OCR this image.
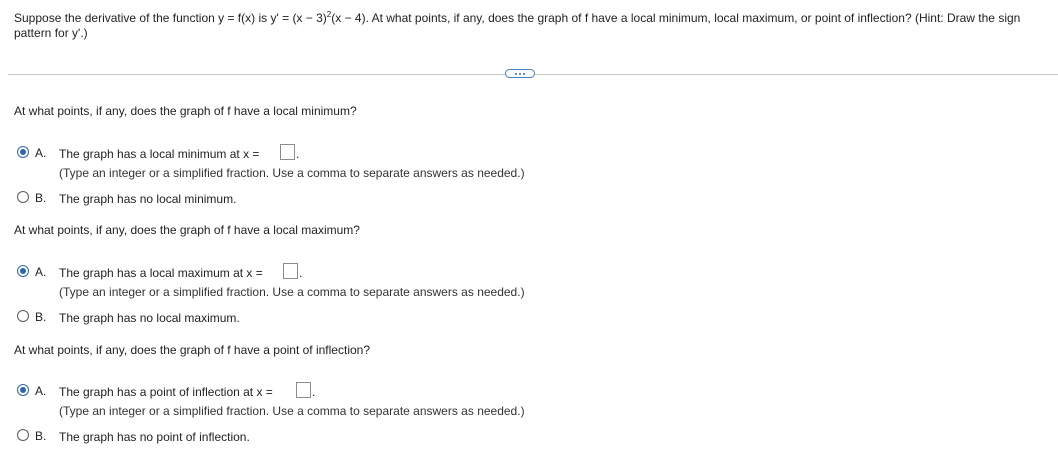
Suppose the derivative of the function y = f(x) is $y' = (x - 3)^2(x - 4)$. At what points, if any, does the graph of f have a local minimum, local maximum, or point of inflection? (Hint: Draw the sign pattern for y'.)
At what points, if any, does the graph of f have a local minimum?
A. The graph has a local minimum at x =	.
(Type an integer or a simplified fraction. Use a comma to separate answers as needed.)
B. The graph has no local minimum.
At what points, if any, does the graph of f have a local maximum?
A. The graph has a local maximum at x =	.
(Type an integer or a simplified fraction. Use a comma to separate answers as needed.)
B. The graph has no local maximum.
At what points, if any, does the graph of f have a point of inflection?
A. The graph has a point of inflection at x =	.
(Type an integer or a simplified fraction. Use a comma to separate answers as needed.)
B. The graph has no point of inflection.
